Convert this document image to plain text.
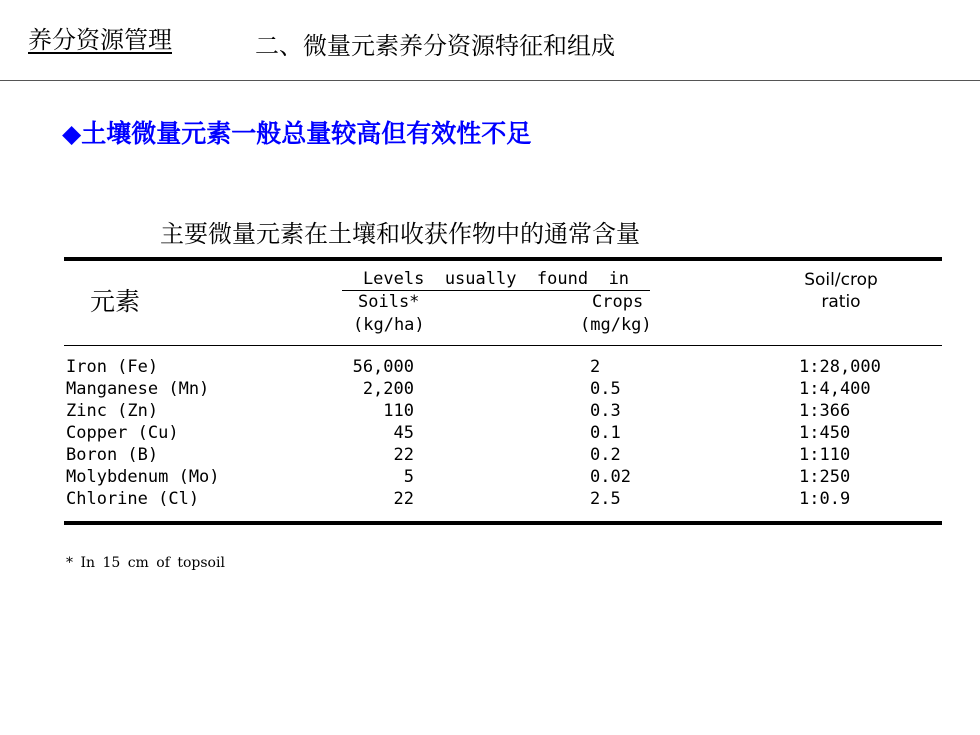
养分资源管理	二、微量元素养分资源特征和组成
◆土壤微量元素一般总量较高但有效性不足
主要微量元素在土壤和收获作物中的通常含量
元素
Levels  usually  found  in
Soils*
(kg/ha)
Crops
(mg/kg)
Soil/crop
ratio
Iron (Fe)
Manganese (Mn)
Zinc (Zn)
Copper (Cu)
Boron (B)
Molybdenum (Mo)
Chlorine (Cl)
56,000
2,200
110
45
22
5
22
2
0.5
0.3
0.1
0.2
0.02
2.5
1:28,000
1:4,400
1:366
1:450
1:110
1:250
1:0.9
* In 15 cm of topsoil
